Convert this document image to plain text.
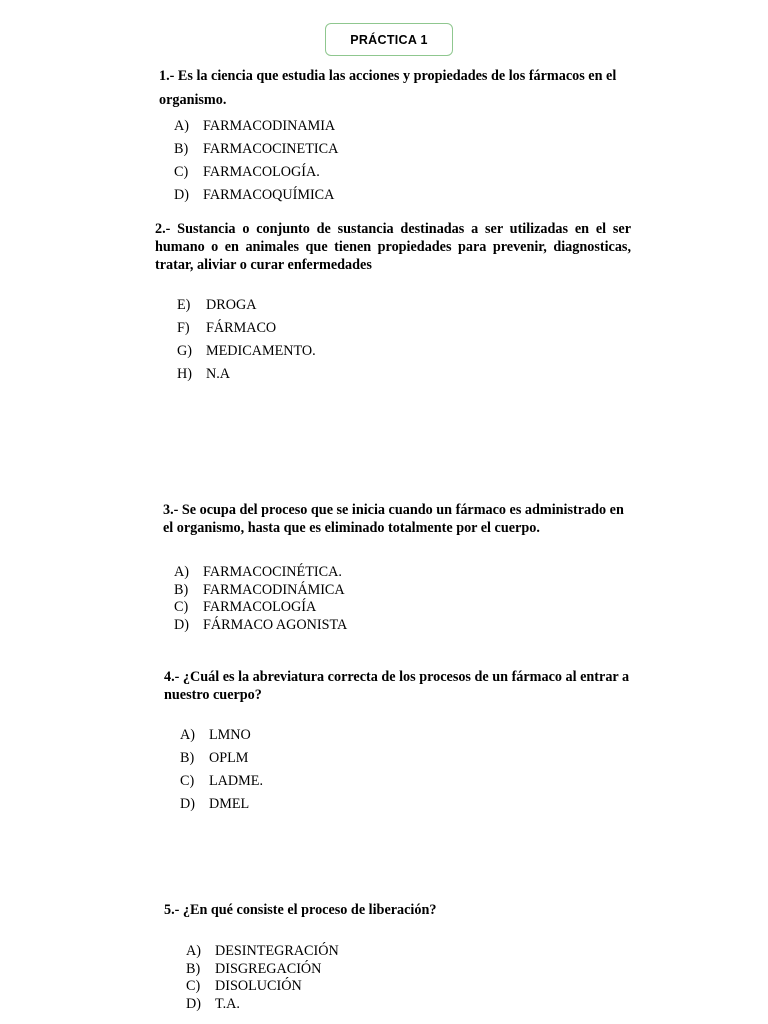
PRÁCTICA 1

1.- Es la ciencia que estudia las acciones y propiedades de los fármacos en el organismo.

A) FARMACODINAMIA
B)	FARMACOCINETICA
C)	FARMACOLOGÍA.
D) FARMACOQUÍMICA

2.- Sustancia o conjunto de sustancia destinadas a ser utilizadas en el ser humano o en animales que tienen propiedades para prevenir, diagnosticas, tratar, aliviar o curar enfermedades

E)	DROGA
F)	FÁRMACO
G) MEDICAMENTO.
H) N.A

3.- Se ocupa del proceso que se inicia cuando un fármaco es administrado en el organismo, hasta que es eliminado totalmente por el cuerpo.

A) FARMACOCINÉTICA.
B)	FARMACODINÁMICA
C)	FARMACOLOGÍA
D) FÁRMACO AGONISTA

4.- ¿Cuál es la abreviatura correcta de los procesos de un fármaco al entrar a nuestro cuerpo?

A) LMNO
B)	OPLM
C)	LADME.
D) DMEL

5.- ¿En qué consiste el proceso de liberación?

A) DESINTEGRACIÓN
B)	DISGREGACIÓN
C)	DISOLUCIÓN
D) T.A.
